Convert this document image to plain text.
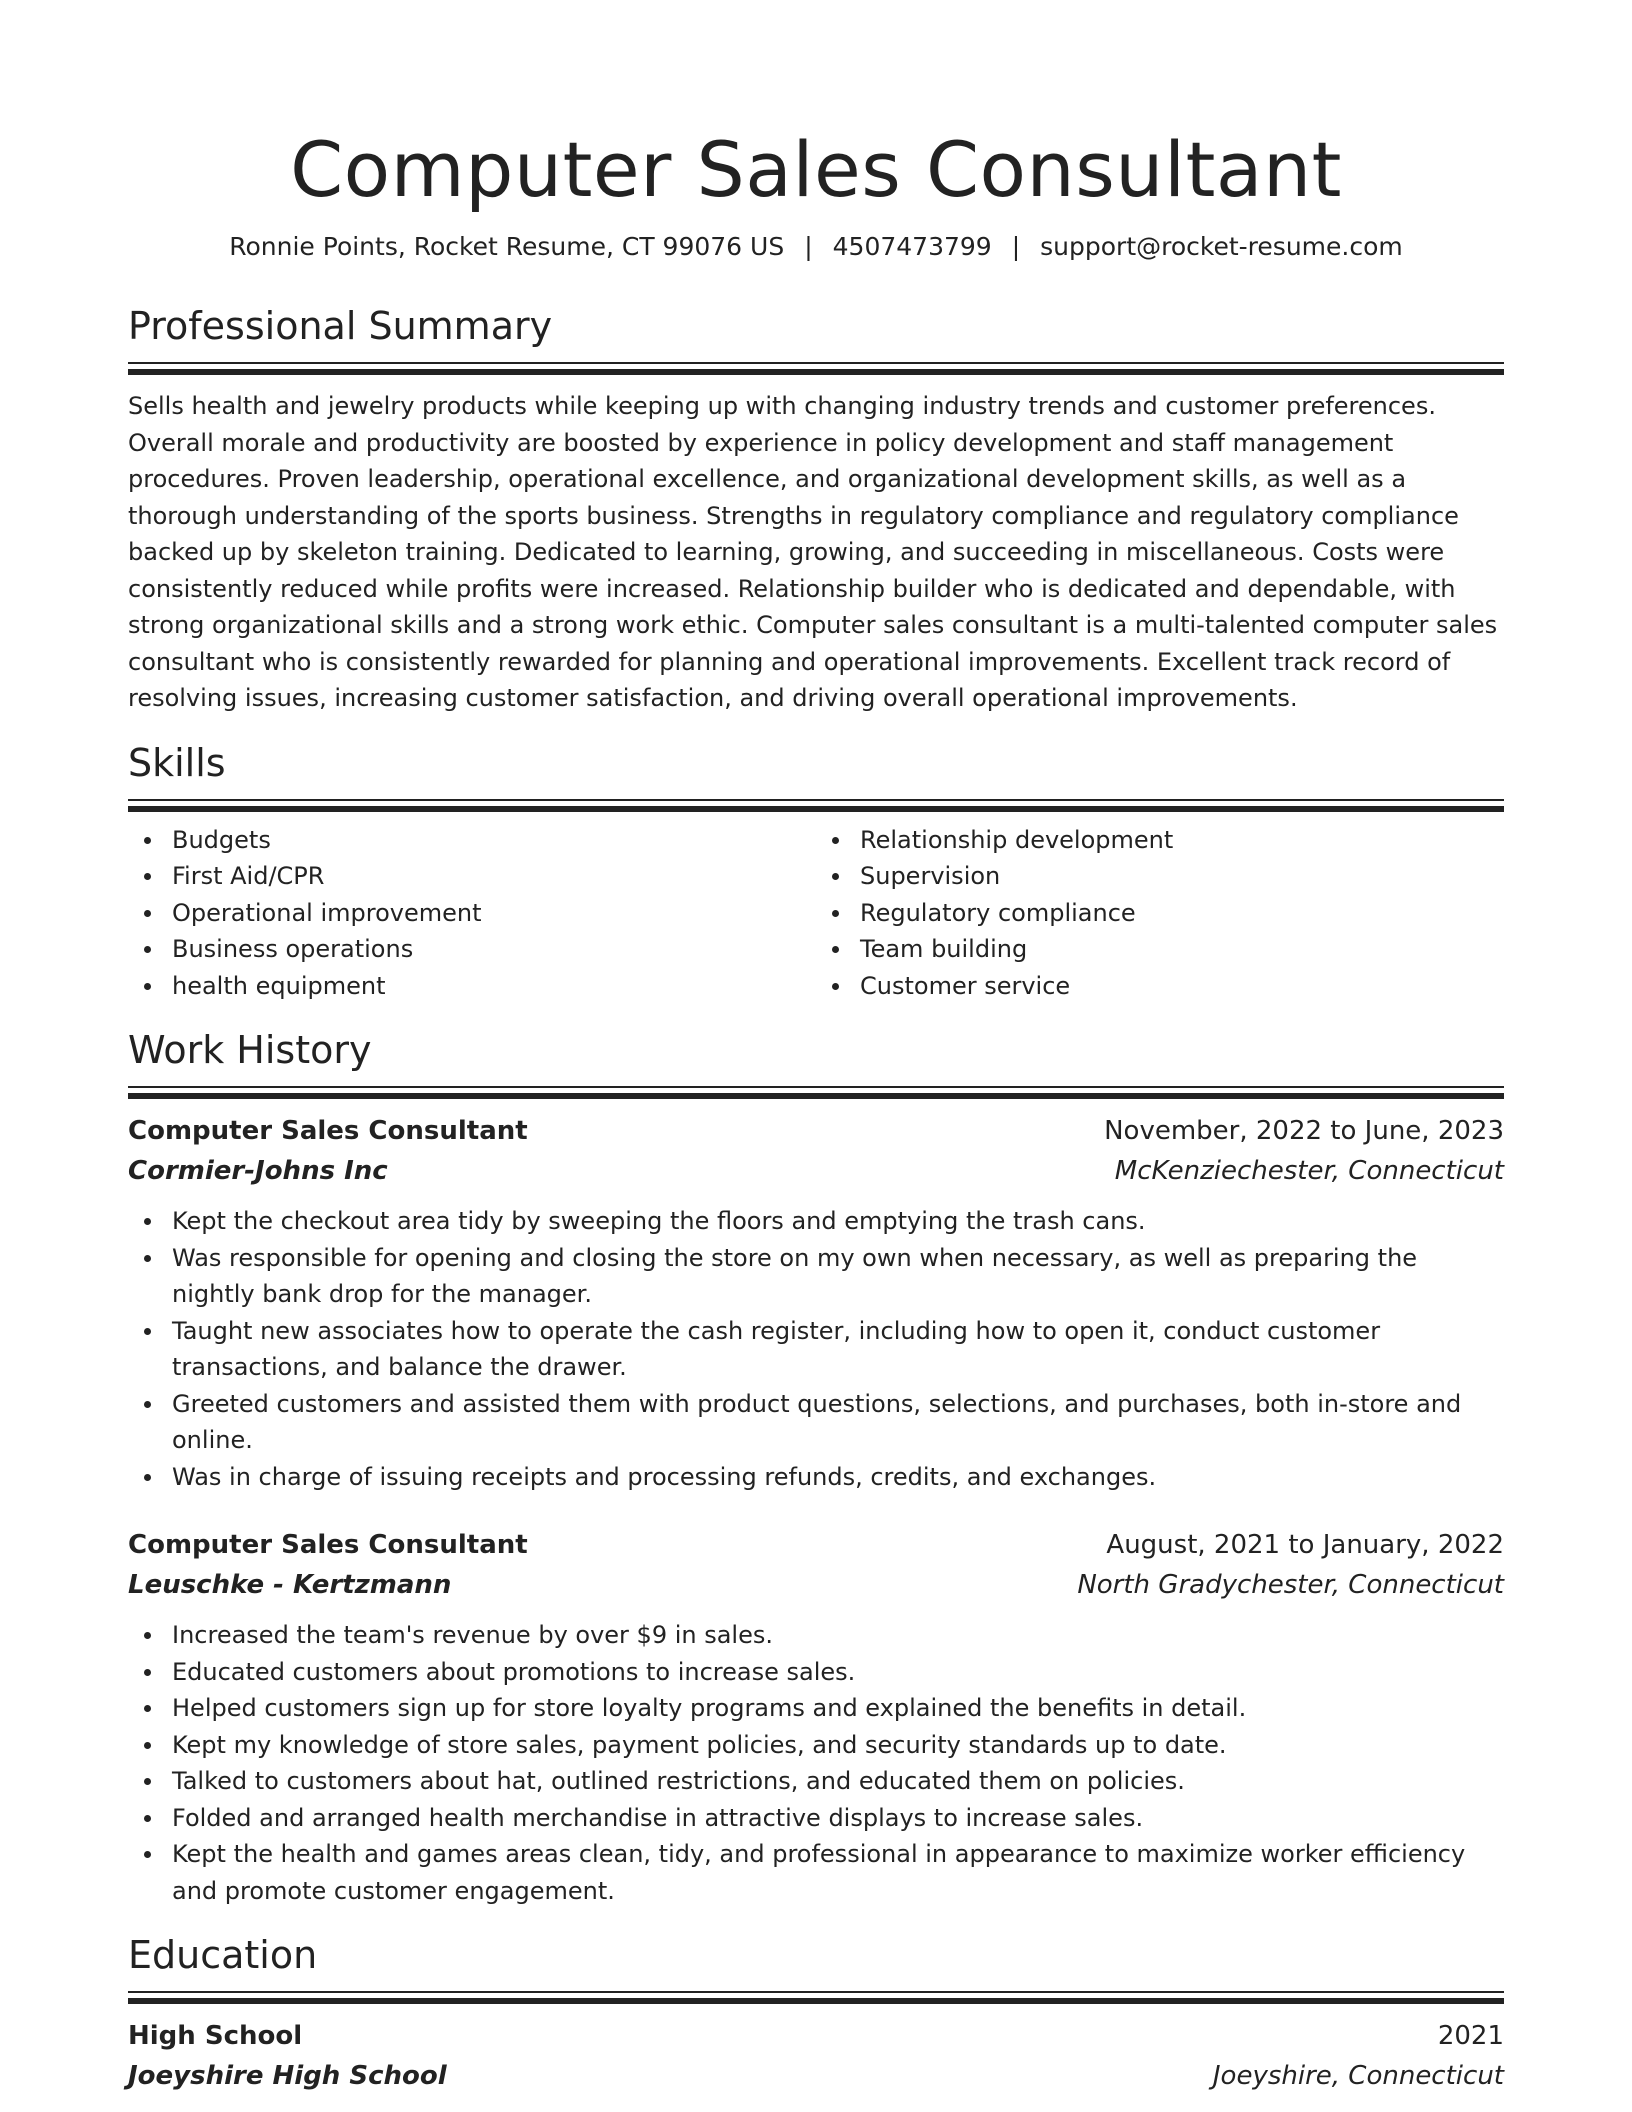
Computer Sales Consultant
Ronnie Points, Rocket Resume, CT 99076 US | 4507473799 | support@rocket-resume.com
Professional Summary
Sells health and jewelry products while keeping up with changing industry trends and customer preferences. Overall morale and productivity are boosted by experience in policy development and staff management procedures. Proven leadership, operational excellence, and organizational development skills, as well as a thorough understanding of the sports business. Strengths in regulatory compliance and regulatory compliance backed up by skeleton training. Dedicated to learning, growing, and succeeding in miscellaneous. Costs were consistently reduced while profits were increased. Relationship builder who is dedicated and dependable, with strong organizational skills and a strong work ethic. Computer sales consultant is a multi-talented computer sales consultant who is consistently rewarded for planning and operational improvements. Excellent track record of resolving issues, increasing customer satisfaction, and driving overall operational improvements.
Skills
Budgets
First Aid/CPR
Operational improvement
Business operations
health equipment
Relationship development
Supervision
Regulatory compliance
Team building
Customer service
Work History
Computer Sales Consultant	November, 2022 to June, 2023
Cormier-Johns Inc	McKenziechester, Connecticut
Kept the checkout area tidy by sweeping the floors and emptying the trash cans.
Was responsible for opening and closing the store on my own when necessary, as well as preparing the nightly bank drop for the manager.
Taught new associates how to operate the cash register, including how to open it, conduct customer transactions, and balance the drawer.
Greeted customers and assisted them with product questions, selections, and purchases, both in-store and online.
Was in charge of issuing receipts and processing refunds, credits, and exchanges.
Computer Sales Consultant	August, 2021 to January, 2022
Leuschke - Kertzmann	North Gradychester, Connecticut
Increased the team's revenue by over $9 in sales.
Educated customers about promotions to increase sales.
Helped customers sign up for store loyalty programs and explained the benefits in detail.
Kept my knowledge of store sales, payment policies, and security standards up to date.
Talked to customers about hat, outlined restrictions, and educated them on policies.
Folded and arranged health merchandise in attractive displays to increase sales.
Kept the health and games areas clean, tidy, and professional in appearance to maximize worker efficiency and promote customer engagement.
Education
High School	2021
Joeyshire High School	Joeyshire, Connecticut
